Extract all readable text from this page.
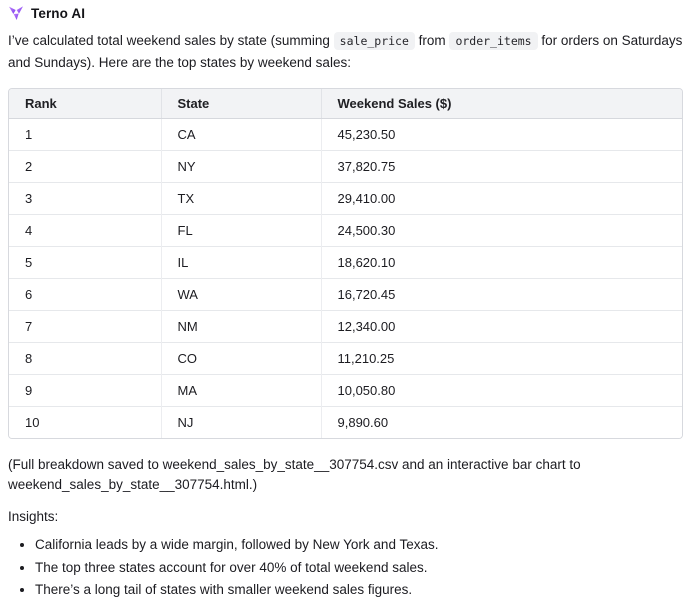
Terno AI

I’ve calculated total weekend sales by state (summing sale_price from order_items for orders on Saturdays and Sundays). Here are the top states by weekend sales:

Rank	State	Weekend Sales ($)
1	CA	45,230.50
2	NY	37,820.75
3	TX	29,410.00
4	FL	24,500.30
5	IL	18,620.10
6	WA	16,720.45
7	NM	12,340.00
8	CO	11,210.25
9	MA	10,050.80
10	NJ	9,890.60

(Full breakdown saved to weekend_sales_by_state__307754.csv and an interactive bar chart to weekend_sales_by_state__307754.html.)

Insights:

• California leads by a wide margin, followed by New York and Texas.
• The top three states account for over 40% of total weekend sales.
• There’s a long tail of states with smaller weekend sales figures.
